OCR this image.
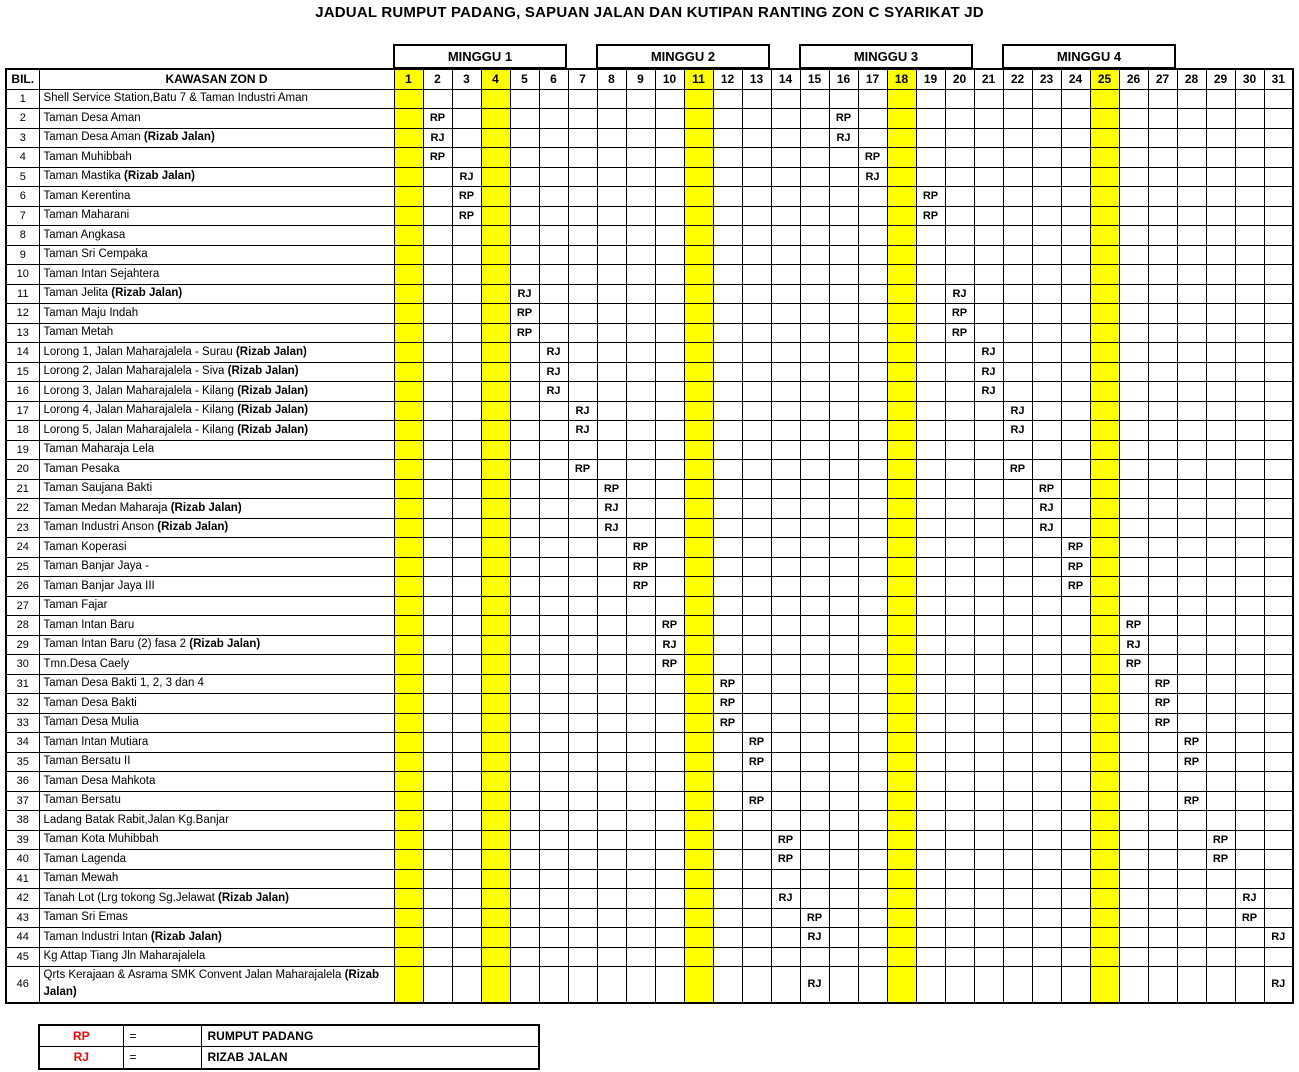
JADUAL RUMPUT PADANG, SAPUAN JALAN DAN KUTIPAN RANTING ZON C SYARIKAT JD
MINGGU 1	MINGGU 2	MINGGU 3	MINGGU 4
BIL.	KAWASAN ZON D	1	2	3	4	5	6	7	8	9	10	11	12	13	14	15	16	17	18	19	20	21	22	23	24	25	26	27	28	29	30	31
1	Shell Service Station,Batu 7 & Taman Industri Aman																															
2	Taman Desa Aman		RP														RP															
3	Taman Desa Aman (Rizab Jalan)		RJ														RJ															
4	Taman Muhibbah		RP															RP														
5	Taman Mastika (Rizab Jalan)			RJ														RJ														
6	Taman Kerentina			RP																RP												
7	Taman Maharani			RP																RP												
8	Taman Angkasa																															
9	Taman Sri Cempaka																															
10	Taman Intan Sejahtera																															
11	Taman Jelita (Rizab Jalan)					RJ															RJ											
12	Taman Maju Indah					RP															RP											
13	Taman Metah					RP															RP											
14	Lorong 1, Jalan Maharajalela - Surau (Rizab Jalan)						RJ															RJ										
15	Lorong 2, Jalan Maharajalela - Siva (Rizab Jalan)						RJ															RJ										
16	Lorong 3, Jalan Maharajalela - Kilang (Rizab Jalan)						RJ															RJ										
17	Lorong 4, Jalan Maharajalela - Kilang (Rizab Jalan)							RJ															RJ									
18	Lorong 5, Jalan Maharajalela - Kilang (Rizab Jalan)							RJ															RJ									
19	Taman Maharaja Lela																															
20	Taman Pesaka							RP															RP									
21	Taman Saujana Bakti								RP															RP								
22	Taman Medan Maharaja (Rizab Jalan)								RJ															RJ								
23	Taman Industri Anson (Rizab Jalan)								RJ															RJ								
24	Taman Koperasi									RP															RP							
25	Taman Banjar Jaya -									RP															RP							
26	Taman Banjar Jaya III									RP															RP							
27	Taman Fajar																															
28	Taman Intan Baru										RP																RP					
29	Taman Intan Baru (2) fasa 2 (Rizab Jalan)										RJ																RJ					
30	Tmn.Desa Caely										RP																RP					
31	Taman Desa Bakti 1, 2, 3 dan 4												RP															RP				
32	Taman Desa Bakti												RP															RP				
33	Taman Desa Mulia												RP															RP				
34	Taman Intan Mutiara													RP															RP			
35	Taman Bersatu II													RP															RP			
36	Taman Desa Mahkota																															
37	Taman Bersatu													RP															RP			
38	Ladang Batak Rabit,Jalan Kg.Banjar																															
39	Taman Kota Muhibbah														RP															RP		
40	Taman Lagenda														RP															RP		
41	Taman Mewah																															
42	Tanah Lot (Lrg tokong Sg.Jelawat (Rizab Jalan)														RJ																RJ	
43	Taman Sri Emas															RP															RP	
44	Taman Industri Intan (Rizab Jalan)															RJ																RJ
45	Kg Attap Tiang Jln Maharajalela																															
46	Qrts Kerajaan & Asrama SMK Convent Jalan Maharajalela (Rizab Jalan)															RJ																RJ
RP	=	RUMPUT PADANG
RJ	=	RIZAB JALAN
